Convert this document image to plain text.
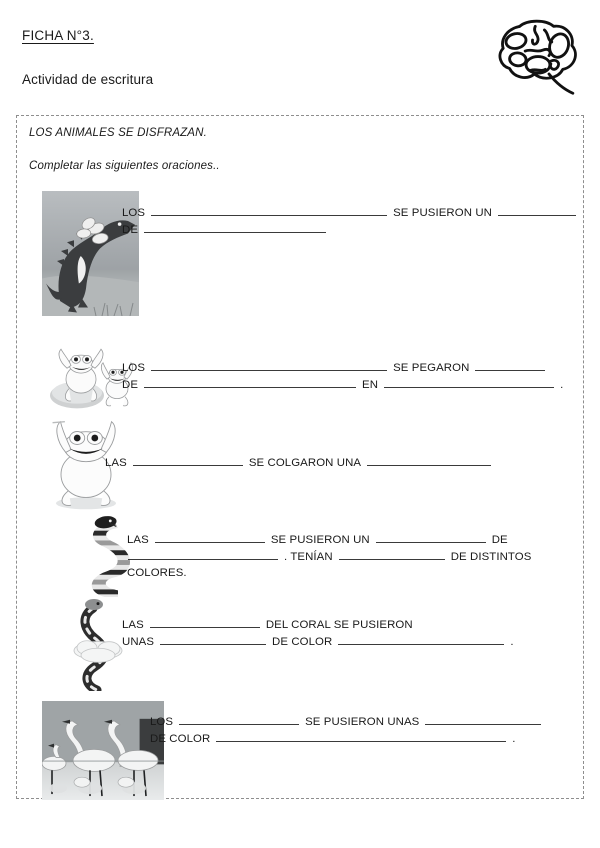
FICHA N°3.
Actividad de escritura
LOS ANIMALES SE DISFRAZAN.
Completar las siguientes oraciones..
LOS	SE PUSIERON UN
DE
LOS	SE PEGARON
DE	EN	.
LAS	SE COLGARON UNA
LAS	SE PUSIERON UN	DE
. TENÍAN	DE DISTINTOS
COLORES.
LAS	DEL CORAL SE PUSIERON
UNAS	DE COLOR	.
LOS	SE PUSIERON UNAS
DE COLOR	.
